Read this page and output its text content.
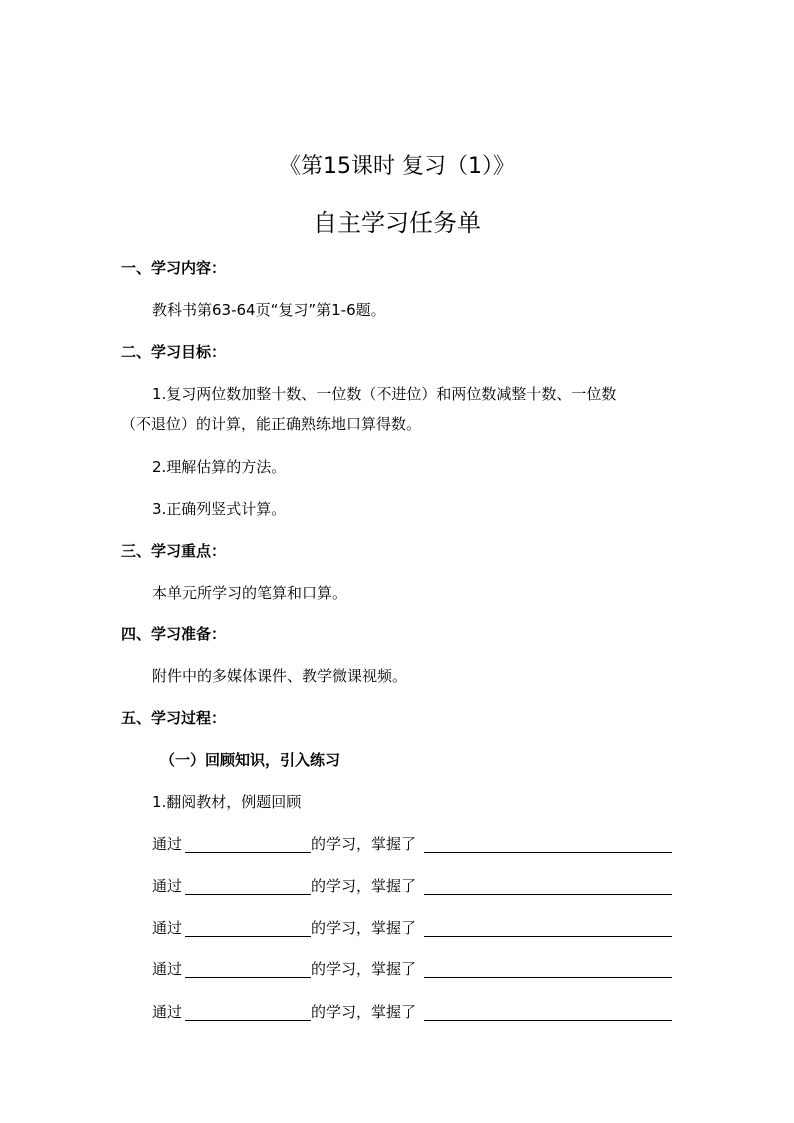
《第15课时 复习（1）》
自主学习任务单
一、学习内容：
教科书第63-64页“复习”第1-6题。
二、学习目标：
1.复习两位数加整十数、一位数（不进位）和两位数减整十数、一位数
（不退位）的计算，能正确熟练地口算得数。
2.理解估算的方法。
3.正确列竖式计算。
三、学习重点：
本单元所学习的笔算和口算。
四、学习准备：
附件中的多媒体课件、教学微课视频。
五、学习过程：
（一）回顾知识，引入练习
1.翻阅教材，例题回顾
通过	的学习，掌握了
通过	的学习，掌握了
通过	的学习，掌握了
通过	的学习，掌握了
通过	的学习，掌握了
